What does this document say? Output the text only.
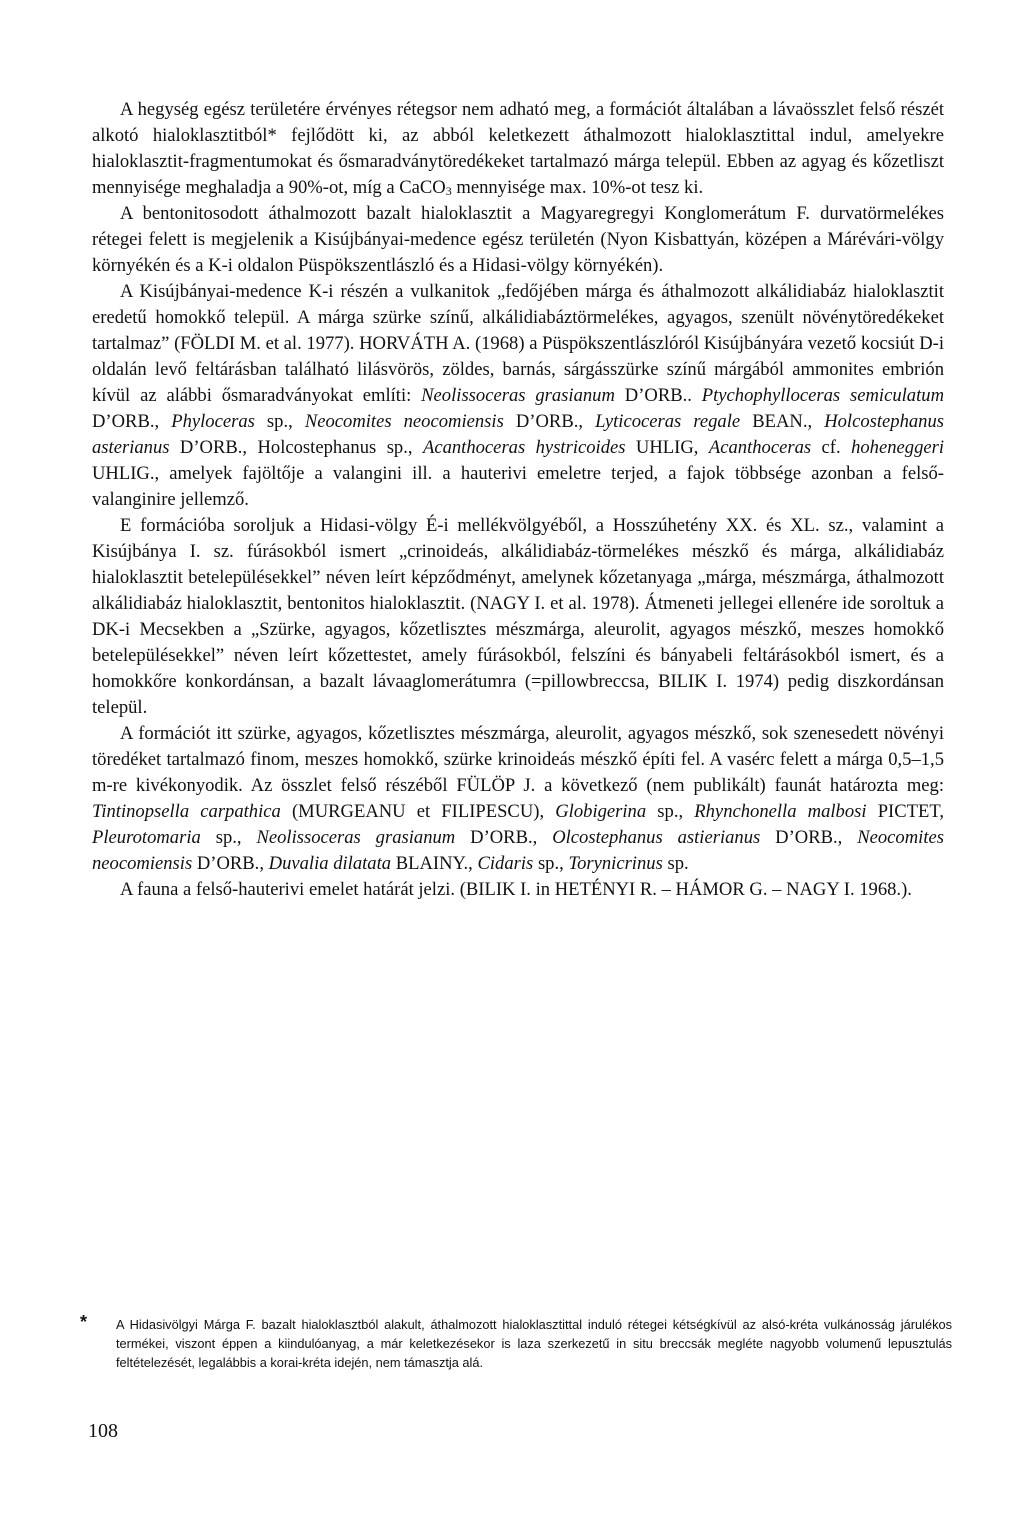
A hegység egész területére érvényes rétegsor nem adható meg, a formációt általában a lávaösszlet felső részét alkotó hialoklasztitból* fejlődött ki, az abból keletkezett áthalmozott hialoklasztittal indul, amelyekre hialoklasztit-fragmentumokat és ősmaradványtöredékeket tartalmazó márga települ. Ebben az agyag és kőzetliszt mennyisége meghaladja a 90%-ot, míg a CaCO$_3$ mennyisége max. 10%-ot tesz ki.

A bentonitosodott áthalmozott bazalt hialoklasztit a Magyaregregyi Konglomerátum F. durvatörmelékes rétegei felett is megjelenik a Kisújbányai-medence egész területén (Nyon Kisbattyán, középen a Márévári-völgy környékén és a K-i oldalon Püspökszentlászló és a Hidasi-völgy környékén).

A Kisújbányai-medence K-i részén a vulkanitok „fedőjében márga és áthalmozott alkálidiabáz hialoklasztit eredetű homokkő települ. A márga szürke színű, alkálidiabáztörmelékes, agyagos, szenült növénytöredékeket tartalmaz” (FÖLDI M. et al. 1977). HORVÁTH A. (1968) a Püspökszentlászlóról Kisújbányára vezető kocsiút D-i oldalán levő feltárásban található lilásvörös, zöldes, barnás, sárgásszürke színű márgából ammonites embrión kívül az alábbi ősmaradványokat említi: Neolissoceras grasianum D’ORB.. Ptychophylloceras semiculatum D’ORB., Phyloceras sp., Neocomites neocomiensis D’ORB., Lyticoceras regale BEAN., Holcostephanus asterianus D’ORB., Holcostephanus sp., Acanthoceras hystricoides UHLIG, Acanthoceras cf. hoheneggeri UHLIG., amelyek fajöltője a valangini ill. a hauterivi emeletre terjed, a fajok többsége azonban a felső-valanginire jellemző.

E formációba soroljuk a Hidasi-völgy É-i mellékvölgyéből, a Hosszúhetény XX. és XL. sz., valamint a Kisújbánya I. sz. fúrásokból ismert „crinoideás, alkálidiabáz-törmelékes mészkő és márga, alkálidiabáz hialoklasztit betelepülésekkel” néven leírt képződményt, amelynek kőzetanyaga „márga, mészmárga, áthalmozott alkálidiabáz hialoklasztit, bentonitos hialoklasztit. (NAGY I. et al. 1978). Átmeneti jellegei ellenére ide soroltuk a DK-i Mecsekben a „Szürke, agyagos, kőzetlisztes mészmárga, aleurolit, agyagos mészkő, meszes homokkő betelepülésekkel” néven leírt kőzettestet, amely fúrásokból, felszíni és bányabeli feltárásokból ismert, és a homokkőre konkordánsan, a bazalt lávaaglomerátumra (=pillowbreccsa, BILIK I. 1974) pedig diszkordánsan települ.

A formációt itt szürke, agyagos, kőzetlisztes mészmárga, aleurolit, agyagos mészkő, sok szenesedett növényi töredéket tartalmazó finom, meszes homokkő, szürke krinoideás mészkő építi fel. A vasérc felett a márga 0,5–1,5 m-re kivékonyodik. Az összlet felső részéből FÜLÖP J. a következő (nem publikált) faunát határozta meg: Tintinopsella carpathica (MURGEANU et FILIPESCU), Globigerina sp., Rhynchonella malbosi PICTET, Pleurotomaria sp., Neolissoceras grasianum D’ORB., Olcostephanus astierianus D’ORB., Neocomites neocomiensis D’ORB., Duvalia dilatata BLAINY., Cidaris sp., Torynicrinus sp.

A fauna a felső-hauterivi emelet határát jelzi. (BILIK I. in HETÉNYI R. – HÁMOR G. – NAGY I. 1968.).

* A Hidasivölgyi Márga F. bazalt hialoklasztból alakult, áthalmozott hialoklasztittal induló rétegei kétségkívül az alsó-kréta vulkánosság járulékos termékei, viszont éppen a kiindulóanyag, a már keletkezésekor is laza szerkezetű in situ breccsák megléte nagyobb volumenű lepusztulás feltételezését, legalábbis a korai-kréta idején, nem támasztja alá.
108
